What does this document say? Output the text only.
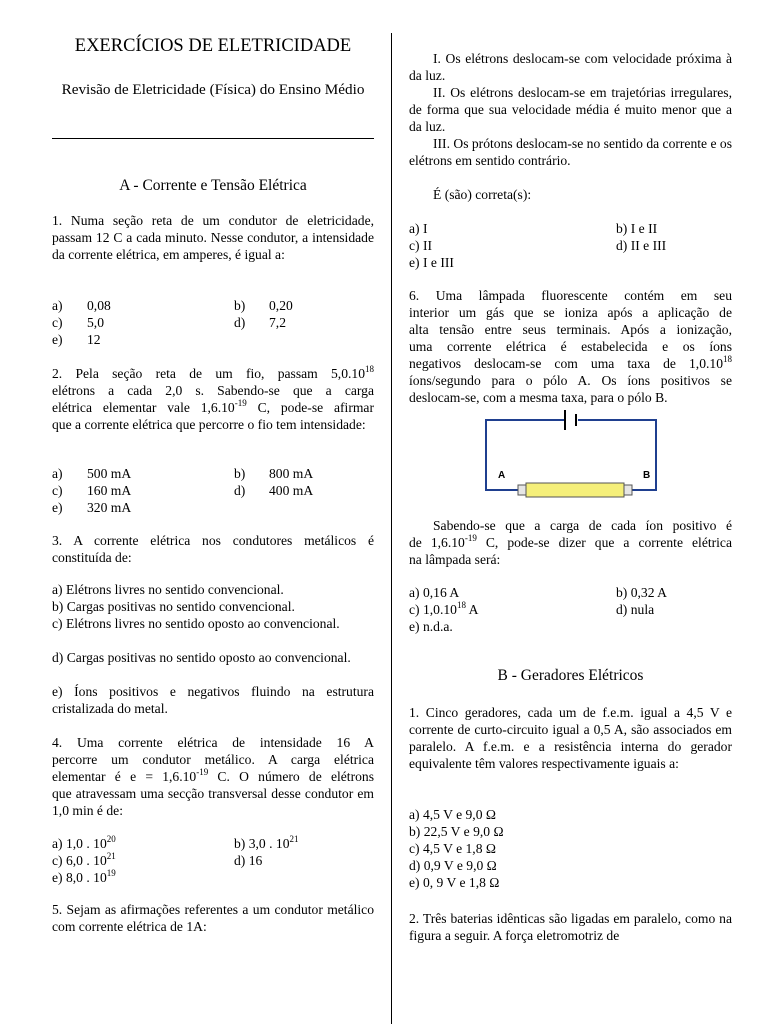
EXERCÍCIOS DE ELETRICIDADE
Revisão de Eletricidade (Física) do Ensino Médio
A - Corrente e Tensão Elétrica
1. Numa seção reta de um condutor de eletricidade, passam 12 C a cada minuto. Nesse condutor, a intensidade da corrente elétrica, em amperes, é igual a:
a) 0,08	b) 0,20
c) 5,0	d) 7,2
e) 12
2. Pela seção reta de um fio, passam 5,0.10$^{18}$
elétrons a cada 2,0 s. Sabendo-se que a carga
elétrica elementar vale $1,6.10^{-19}$ C, pode-se afirmar
que a corrente elétrica que percorre o fio tem intensidade:
a) 500 mA	b) 800 mA
c) 160 mA	d) 400 mA
e) 320 mA
3. A corrente elétrica nos condutores metálicos é constituída de:
a) Elétrons livres no sentido convencional.
b) Cargas positivas no sentido convencional.
c) Elétrons livres no sentido oposto ao convencional.
d) Cargas positivas no sentido oposto ao convencional.
e) Íons positivos e negativos fluindo na estrutura cristalizada do metal.
4. Uma corrente elétrica de intensidade 16 A
percorre um condutor metálico. A carga elétrica
elementar é $e = 1,6.10^{-19}$ C. O número de elétrons
que atravessam uma secção transversal desse condutor em 1,0 min é de:
a) 1,0 . $10^{20}$	b) 3,0 . $10^{21}$
c) 6,0 . $10^{21}$	d) 16
e) 8,0 . $10^{19}$
5. Sejam as afirmações referentes a um condutor metálico com corrente elétrica de 1A:
I. Os elétrons deslocam-se com velocidade próxima à da luz.
II. Os elétrons deslocam-se em trajetórias irregulares, de forma que sua velocidade média é muito menor que a da luz.
III. Os prótons deslocam-se no sentido da corrente e os elétrons em sentido contrário.
É (são) correta(s):
a) I	b) I e II
c) II	d) II e III
e) I e III
6. Uma lâmpada fluorescente contém em seu
interior um gás que se ioniza após a aplicação de
alta tensão entre seus terminais. Após a ionização,
uma corrente elétrica é estabelecida e os íons
negativos deslocam-se com uma taxa de 1,0.10$^{18}$
íons/segundo para o pólo A. Os íons positivos se
deslocam-se, com a mesma taxa, para o pólo B.
A	B
Sabendo-se que a carga de cada íon positivo é
de $1,6.10^{-19}$ C, pode-se dizer que a corrente elétrica
na lâmpada será:
a) 0,16 A	b) 0,32 A
c) 1,0.10$^{18}$ A	d) nula
e) n.d.a.
B - Geradores Elétricos
1. Cinco geradores, cada um de f.e.m. igual a 4,5 V e corrente de curto-circuito igual a 0,5 A, são associados em paralelo. A f.e.m. e a resistência interna do gerador equivalente têm valores respectivamente iguais a:
a) 4,5 V e 9,0 Ω
b) 22,5 V e 9,0 Ω
c) 4,5 V e 1,8 Ω
d) 0,9 V e 9,0 Ω
e) 0, 9 V e 1,8 Ω
2. Três baterias idênticas são ligadas em paralelo, como na figura a seguir. A força eletromotriz de
